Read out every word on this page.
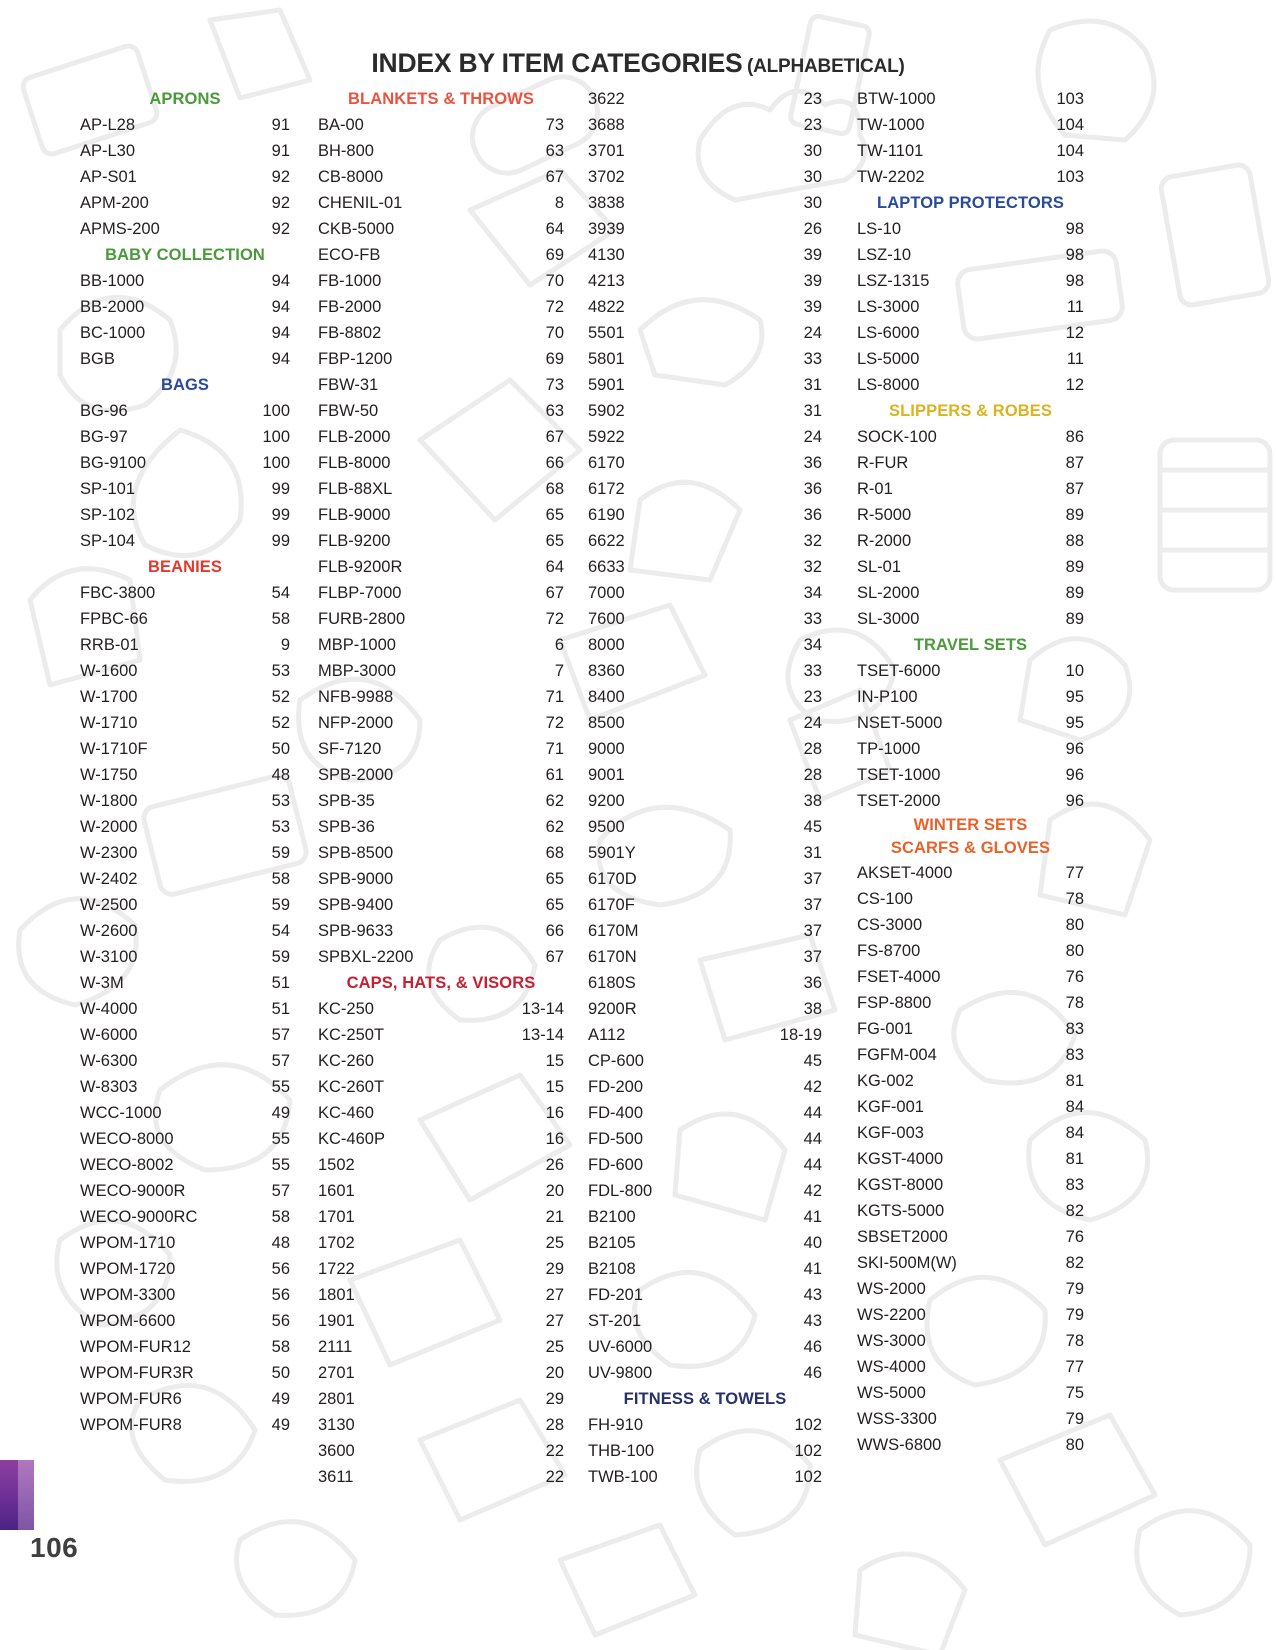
INDEX BY ITEM CATEGORIES (ALPHABETICAL)
APRONS
AP-L28	91
AP-L30	91
AP-S01	92
APM-200	92
APMS-200	92
BABY COLLECTION
BB-1000	94
BB-2000	94
BC-1000	94
BGB	94
BAGS
BG-96	100
BG-97	100
BG-9100	100
SP-101	99
SP-102	99
SP-104	99
BEANIES
FBC-3800	54
FPBC-66	58
RRB-01	9
W-1600	53
W-1700	52
W-1710	52
W-1710F	50
W-1750	48
W-1800	53
W-2000	53
W-2300	59
W-2402	58
W-2500	59
W-2600	54
W-3100	59
W-3M	51
W-4000	51
W-6000	57
W-6300	57
W-8303	55
WCC-1000	49
WECO-8000	55
WECO-8002	55
WECO-9000R	57
WECO-9000RC	58
WPOM-1710	48
WPOM-1720	56
WPOM-3300	56
WPOM-6600	56
WPOM-FUR12	58
WPOM-FUR3R	50
WPOM-FUR6	49
WPOM-FUR8	49
BLANKETS & THROWS
BA-00	73
BH-800	63
CB-8000	67
CHENIL-01	8
CKB-5000	64
ECO-FB	69
FB-1000	70
FB-2000	72
FB-8802	70
FBP-1200	69
FBW-31	73
FBW-50	63
FLB-2000	67
FLB-8000	66
FLB-88XL	68
FLB-9000	65
FLB-9200	65
FLB-9200R	64
FLBP-7000	67
FURB-2800	72
MBP-1000	6
MBP-3000	7
NFB-9988	71
NFP-2000	72
SF-7120	71
SPB-2000	61
SPB-35	62
SPB-36	62
SPB-8500	68
SPB-9000	65
SPB-9400	65
SPB-9633	66
SPBXL-2200	67
CAPS, HATS, & VISORS
KC-250	13-14
KC-250T	13-14
KC-260	15
KC-260T	15
KC-460	16
KC-460P	16
1502	26
1601	20
1701	21
1702	25
1722	29
1801	27
1901	27
2111	25
2701	20
2801	29
3130	28
3600	22
3611	22
3622	23
3688	23
3701	30
3702	30
3838	30
3939	26
4130	39
4213	39
4822	39
5501	24
5801	33
5901	31
5902	31
5922	24
6170	36
6172	36
6190	36
6622	32
6633	32
7000	34
7600	33
8000	34
8360	33
8400	23
8500	24
9000	28
9001	28
9200	38
9500	45
5901Y	31
6170D	37
6170F	37
6170M	37
6170N	37
6180S	36
9200R	38
A112	18-19
CP-600	45
FD-200	42
FD-400	44
FD-500	44
FD-600	44
FDL-800	42
B2100	41
B2105	40
B2108	41
FD-201	43
ST-201	43
UV-6000	46
UV-9800	46
FITNESS & TOWELS
FH-910	102
THB-100	102
TWB-100	102
BTW-1000	103
TW-1000	104
TW-1101	104
TW-2202	103
LAPTOP PROTECTORS
LS-10	98
LSZ-10	98
LSZ-1315	98
LS-3000	11
LS-6000	12
LS-5000	11
LS-8000	12
SLIPPERS & ROBES
SOCK-100	86
R-FUR	87
R-01	87
R-5000	89
R-2000	88
SL-01	89
SL-2000	89
SL-3000	89
TRAVEL SETS
TSET-6000	10
IN-P100	95
NSET-5000	95
TP-1000	96
TSET-1000	96
TSET-2000	96
WINTER SETS
SCARFS & GLOVES
AKSET-4000	77
CS-100	78
CS-3000	80
FS-8700	80
FSET-4000	76
FSP-8800	78
FG-001	83
FGFM-004	83
KG-002	81
KGF-001	84
KGF-003	84
KGST-4000	81
KGST-8000	83
KGTS-5000	82
SBSET2000	76
SKI-500M(W)	82
WS-2000	79
WS-2200	79
WS-3000	78
WS-4000	77
WS-5000	75
WSS-3300	79
WWS-6800	80
106
